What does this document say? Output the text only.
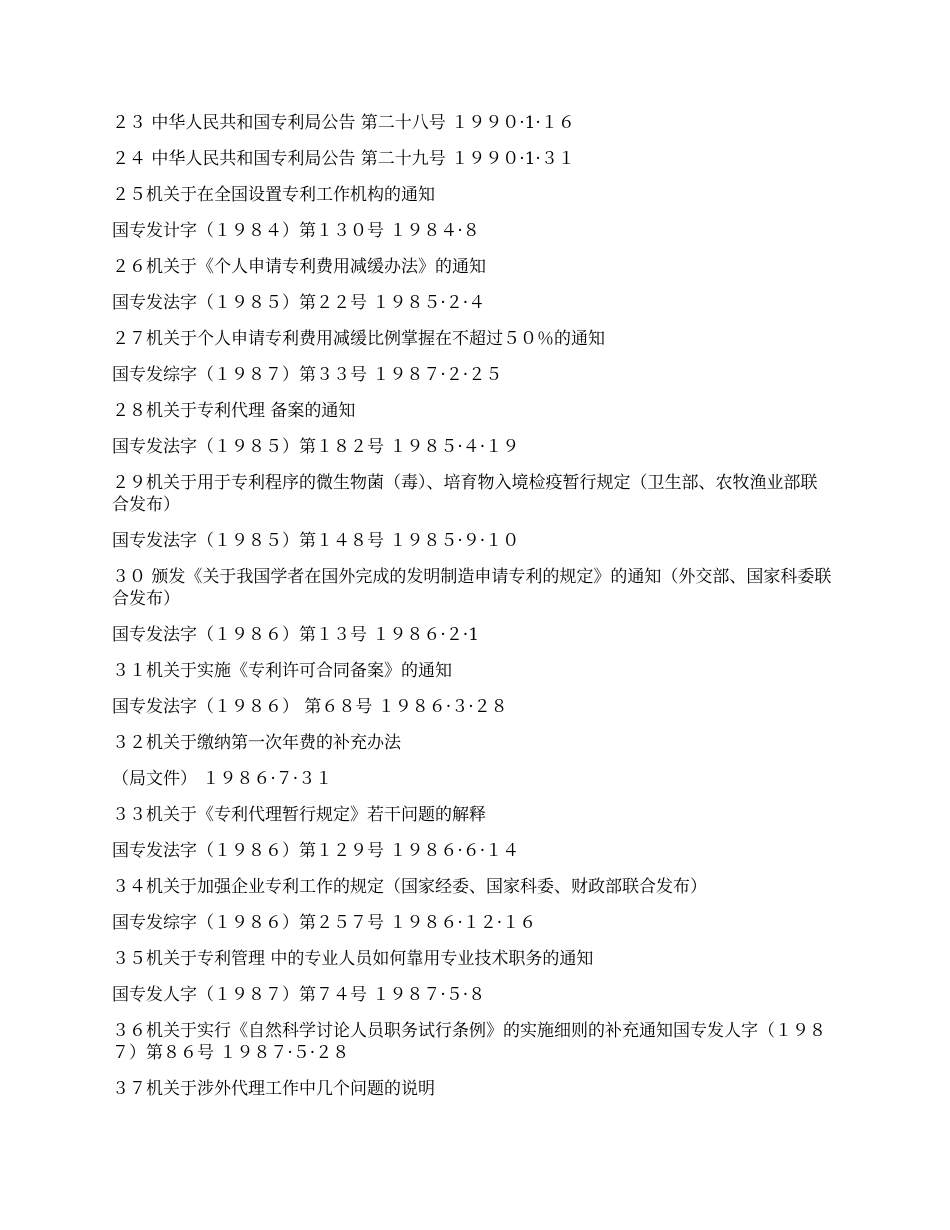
２３ 中华人民共和国专利局公告 第二十八号 １９９０·1·１６
２４ 中华人民共和国专利局公告 第二十九号 １９９０·1·３１
２５机关于在全国设置专利工作机构的通知
国专发计字（１９８４）第１３０号 １９８４·８
２６机关于《个人申请专利费用减缓办法》的通知
国专发法字（１９８５）第２２号 １９８５·２·４
２７机关于个人申请专利费用减缓比例掌握在不超过５０％的通知
国专发综字（１９８７）第３３号 １９８７·２·２５
２８机关于专利代理 备案的通知
国专发法字（１９８５）第１８２号 １９８５·４·１９
２９机关于用于专利程序的微生物菌（毒）、培育物入境检疫暂行规定（卫生部、农牧渔业部联合发布）
国专发法字（１９８５）第１４８号 １９８５·９·１０
３０ 颁发《关于我国学者在国外完成的发明制造申请专利的规定》的通知（外交部、国家科委联合发布）
国专发法字（１９８６）第１３号 １９８６·２·1
３１机关于实施《专利许可合同备案》的通知
国专发法字（１９８６） 第６８号 １９８６·３·２８
３２机关于缴纳第一次年费的补充办法
（局文件） １９８６·７·３１
３３机关于《专利代理暂行规定》若干问题的解释
国专发法字（１９８６）第１２９号 １９８６·６·１４
３４机关于加强企业专利工作的规定（国家经委、国家科委、财政部联合发布）
国专发综字（１９８６）第２５７号 １９８６·１２·１６
３５机关于专利管理 中的专业人员如何靠用专业技术职务的通知
国专发人字（１９８７）第７４号 １９８７·５·８
３６机关于实行《自然科学讨论人员职务试行条例》的实施细则的补充通知国专发人字（１９８７）第８６号 １９８７·５·２８
３７机关于涉外代理工作中几个问题的说明
